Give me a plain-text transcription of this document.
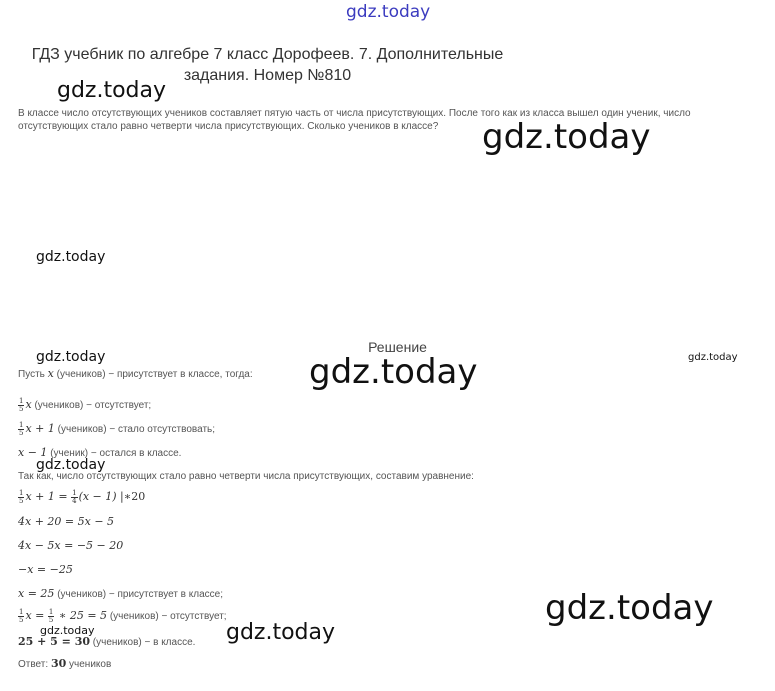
gdz.today
gdz.today
gdz.today
gdz.today
gdz.today	gdz.today
gdz.today
gdz.today
gdz.today
gdz.today	gdz.today
ГДЗ учебник по алгебре 7 класс Дорофеев. 7. Дополнительные
задания. Номер №810
В классе число отсутствующих учеников составляет пятую часть от числа присутствующих. После того как из класса вышел один ученик, число
отсутствующих стало равно четверти числа присутствующих. Сколько учеников в классе?
Решение
Пусть x (учеников) − присутствует в классе, тогда:
$\frac{1}{5}$ x (учеников) − отсутствует;
$\frac{1}{5}$ x + 1 (учеников) − стало отсутствовать;
x − 1 (ученик) − остался в классе.
Так как, число отсутствующих стало равно четверти числа присутствующих, составим уравнение:
$\frac{1}{5}$ $x + 1 = \frac{1}{4} (x - 1)$ |∗20
4x + 20 = 5x − 5
4x − 5x = −5 − 20
−x = −25
x = 25 (учеников) − присутствует в классе;
$\frac{1}{5}$ $x = \frac{1}{5}$ ∗ 25 = 5 (учеников) − отсутствует;
25 + 5 = 30 (учеников) − в классе.
Ответ: 30 учеников
